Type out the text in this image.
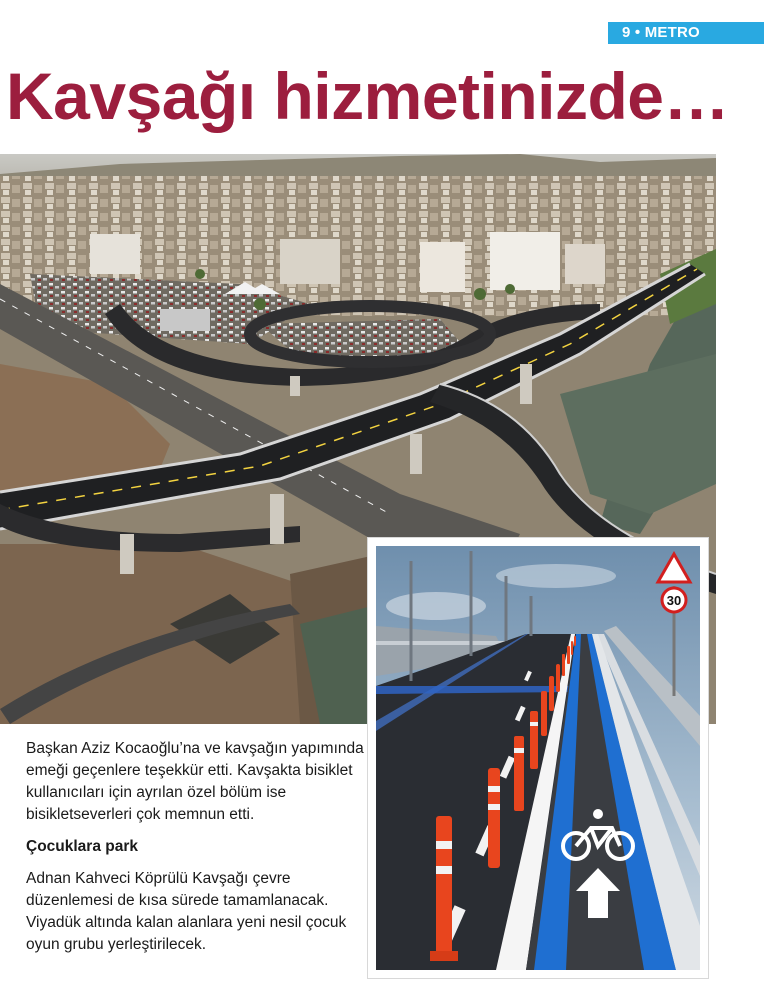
9 • METRO
Kavşağı hizmetinizde…
30

Başkan Aziz Kocaoğlu’na ve kavşağın yapımında emeği geçenlere teşekkür etti. Kavşakta bisiklet kullanıcıları için ayrılan özel bölüm ise bisikletseverleri çok memnun etti.

Çocuklara park

Adnan Kahveci Köprülü Kavşağı çevre düzenlemesi de kısa sürede tamamlanacak. Viyadük altında kalan alanlara yeni nesil çocuk oyun grubu yerleştirilecek.
